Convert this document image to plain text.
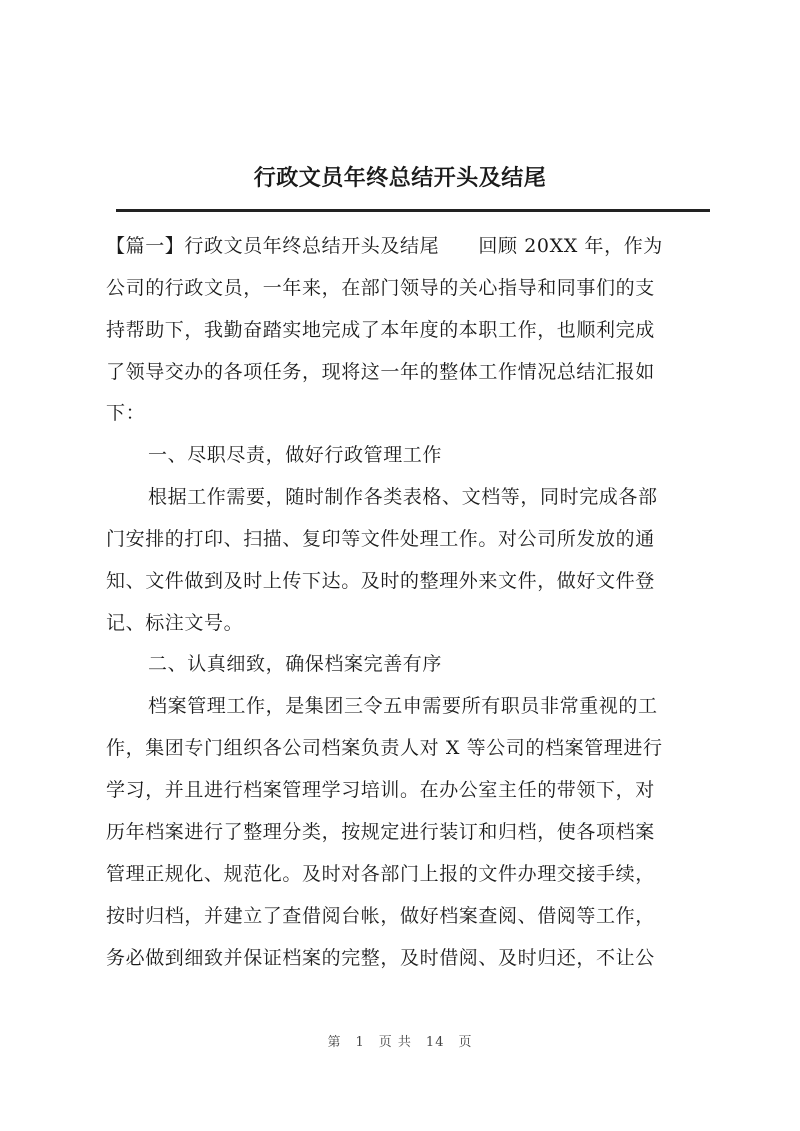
行政文员年终总结开头及结尾
【篇一】行政文员年终总结开头及结尾　　回顾 20XX 年，作为
公司的行政文员，一年来，在部门领导的关心指导和同事们的支
持帮助下，我勤奋踏实地完成了本年度的本职工作，也顺利完成
了领导交办的各项任务，现将这一年的整体工作情况总结汇报如
下：
一、尽职尽责，做好行政管理工作
根据工作需要，随时制作各类表格、文档等，同时完成各部
门安排的打印、扫描、复印等文件处理工作。对公司所发放的通
知、文件做到及时上传下达。及时的整理外来文件，做好文件登
记、标注文号。
二、认真细致，确保档案完善有序
档案管理工作，是集团三令五申需要所有职员非常重视的工
作，集团专门组织各公司档案负责人对 X 等公司的档案管理进行
学习，并且进行档案管理学习培训。在办公室主任的带领下，对
历年档案进行了整理分类，按规定进行装订和归档，使各项档案
管理正规化、规范化。及时对各部门上报的文件办理交接手续，
按时归档，并建立了查借阅台帐，做好档案查阅、借阅等工作，
务必做到细致并保证档案的完整，及时借阅、及时归还，不让公
第　1　页 共　14　页
